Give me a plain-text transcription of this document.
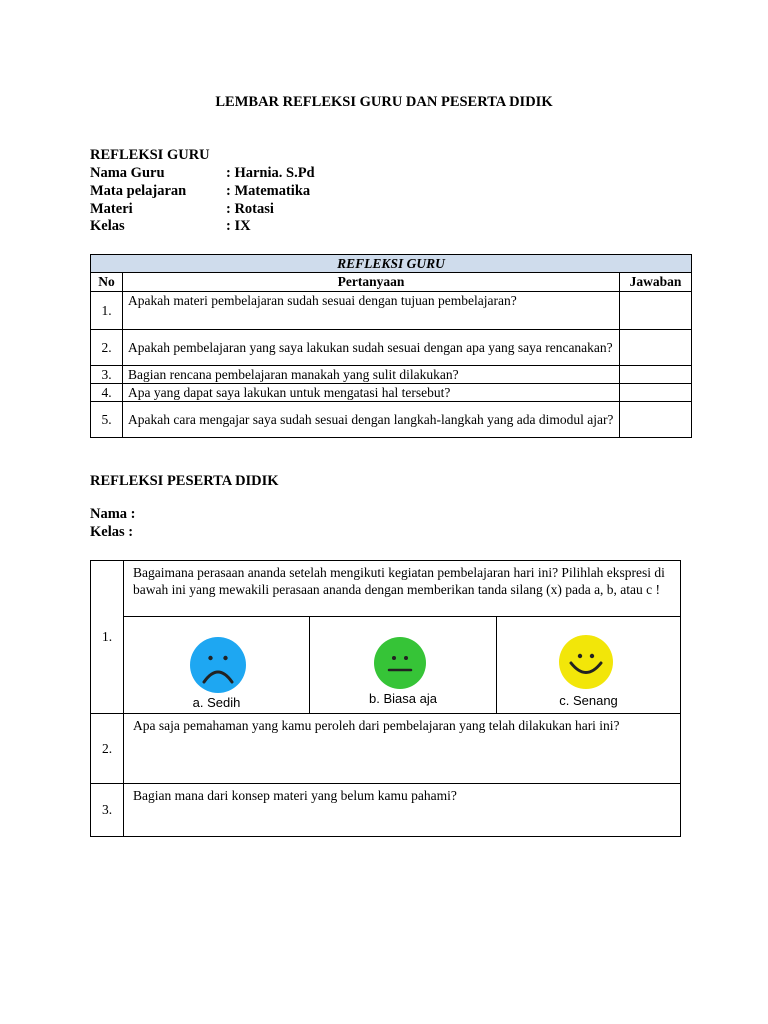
LEMBAR REFLEKSI GURU DAN PESERTA DIDIK
REFLEKSI GURU
Nama Guru	: Harnia. S.Pd
Mata pelajaran	: Matematika
Materi	: Rotasi
Kelas	: IX
REFLEKSI GURU		
No	Pertanyaan	Jawaban
1.	Apakah materi pembelajaran sudah sesuai dengan tujuan pembelajaran?	
2.	Apakah pembelajaran yang saya lakukan sudah sesuai dengan apa yang saya rencanakan?	
3.	Bagian rencana pembelajaran manakah yang sulit dilakukan?	
4.	Apa yang dapat saya lakukan untuk mengatasi hal tersebut?	
5.	Apakah cara mengajar saya sudah sesuai dengan langkah-langkah yang ada dimodul ajar?	
REFLEKSI PESERTA DIDIK
Nama :
Kelas :
1.	Bagaimana perasaan ananda setelah mengikuti kegiatan pembelajaran hari ini? Pilihlah ekspresi di bawah ini yang mewakili perasaan ananda dengan memberikan tanda silang (x) pada a, b, atau c !		

	a. Sedih	b. Biasa aja	c. Senang

2.	Apa saja pemahaman yang kamu peroleh dari pembelajaran yang telah dilakukan hari ini?		

3.	Bagian mana dari konsep materi yang belum kamu pahami?		
